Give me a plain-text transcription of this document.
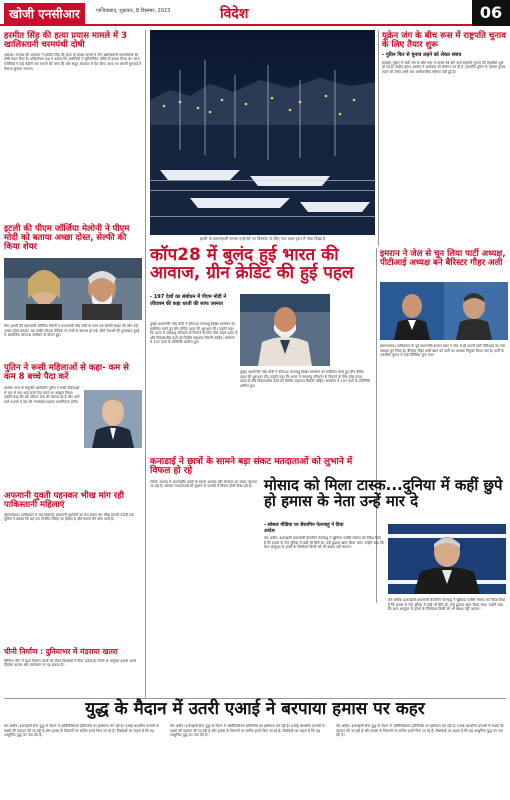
खोजी एनसीआर	गाजियाबाद, शुक्रवार, 8 दिसम्बर, 2023	विदेश	06
हरमीत सिंह की हत्या प्रयास मामले में 3 खालिस्तानी चरमपंथी दोषी
ओटावा। कनाडा की अदालत ने हरमीत सिंह की हत्या के प्रयास मामले में तीन खालिस्तानी चरमपंथियों को दोषी करार दिया है। अभियोजन पक्ष ने बताया कि आरोपियों ने सुनियोजित तरीके से हमला किया था। जांच एजेंसियों ने कई महीनों तक मामले की जांच की और सबूत अदालत में पेश किए। सजा पर अगली सुनवाई में फैसला सुनाया जाएगा।
इटली की पीएम जॉर्जिया मेलोनी ने पीएम मोदी को बताया अच्छा दोस्त, सेल्फी की किया शेयर
रोम। इटली की प्रधानमंत्री जॉर्जिया मेलोनी ने प्रधानमंत्री नरेंद्र मोदी के साथ एक सेल्फी साझा की और उन्हें अच्छा दोस्त बताया। यह तस्वीर सोशल मीडिया पर तेजी से वायरल हो गई। दोनों नेताओं की मुलाकात दुबई में आयोजित कॉप28 सम्मेलन के दौरान हुई।
पुतिन ने रूसी महिलाओं से कहा- कम से कम 8 बच्चे पैदा करें
मास्को। रूस के राष्ट्रपति व्लादिमीर पुतिन ने रूसी महिलाओं से कम से कम आठ बच्चे पैदा करने का आह्वान किया। उन्होंने कहा कि बड़े परिवार रूस की परंपरा रहे हैं और आने वाले दशकों में देश की जनसंख्या बढ़ाना प्राथमिकता होगी।
अफगानी युवती पहनकर भीख मांग रही पाकिस्तानी महिलाएं
इस्लामाबाद। पाकिस्तान में कई महिलाएं अफगानी युवतियों का वेश धारण कर भीख मांगती पकड़ी गईं। पुलिस ने बताया कि यह एक संगठित गिरोह का हिस्सा है और मामले की जांच जारी है।
चीनी निर्माण : दुनियाभर में मंडराया खतरा
बीजिंग। चीन में बढ़ते निर्माण कार्यों को लेकर विशेषज्ञों ने चिंता जताई है। रिपोर्ट के अनुसार इसका असर वैश्विक बाजार और पर्यावरण पर पड़ सकता है।
इटली के ब्लासाइज़ी नामक एयरपोर्ट पर विस्फोट के लिए गया शहर दृश्य में गोवा दिखा है
यूक्रेन जंग के बीच रूस में राष्ट्रपति चुनाव के लिए तैयार शुरू
- पुतिन फिर से चुनाव लड़ने को लेकर संशय
मास्को। यूक्रेन में जारी जंग के बीच रूस में अगले वर्ष होने वाले राष्ट्रपति चुनाव की तैयारियां शुरू हो गई हैं। केंद्रीय चुनाव आयोग ने कार्यक्रम की घोषणा कर दी है। हालांकि पुतिन के दोबारा चुनाव लड़ने को लेकर अभी तक आधिकारिक घोषणा नहीं हुई है।
कॉप28 में बुलंद हुई भारत की आवाज, ग्रीन क्रेडिट की हुई पहल
- 197 देशों का संबोधन में पीएम मोदी ने जीवाश्म की कहा धरती की साफ जरूरत
दुबई। प्रधानमंत्री नरेंद्र मोदी ने कॉप28 जलवायु शिखर सम्मेलन को संबोधित करते हुए ग्रीन क्रेडिट पहल की शुरुआत की। उन्होंने कहा कि भारत ने जलवायु परिवर्तन से निपटने के लिए ठोस कदम उठाए हैं और विकासशील देशों को वित्तीय सहायता मिलनी चाहिए। सम्मेलन में 197 देशों के प्रतिनिधि शामिल हुए।
दुबई। प्रधानमंत्री नरेंद्र मोदी ने कॉप28 जलवायु शिखर सम्मेलन को संबोधित करते हुए ग्रीन क्रेडिट पहल की शुरुआत की। उन्होंने कहा कि भारत ने जलवायु परिवर्तन से निपटने के लिए ठोस कदम उठाए हैं और विकासशील देशों को वित्तीय सहायता मिलनी चाहिए। सम्मेलन में 197 देशों के प्रतिनिधि शामिल हुए।
इमरान ने जेल से चुन लिया पार्टी अध्यक्ष, पीटीआई अध्यक्ष बने बैरिस्टर गौहर अली
इस्लामाबाद। पाकिस्तान के पूर्व प्रधानमंत्री इमरान खान ने जेल से ही अपनी पार्टी पीटीआई का नया अध्यक्ष चुन लिया है। बैरिस्टर गौहर अली खान को पार्टी का अध्यक्ष नियुक्त किया गया है। पार्टी के आंतरिक चुनाव में उन्हें निर्विरोध चुना गया।
कनाडाई ने छात्रों के सामने बड़ा संकट मतदाताओं को लुभाने में विफल हो रहे
टोरंटो। कनाडा में अंतरराष्ट्रीय छात्रों के सामने आवास और रोजगार का संकट गहराता जा रहा है। सरकार मतदाताओं को लुभाने के प्रयासों में विफल होती दिख रही है। मोसाद को मिला टास्क...दुनिया में कहीं छुपे हो हमास के नेता उन्हें मार दे
- सोशल मीडिया पर बेंजामिन नेतन्याहू ने दिया आदेश
तेल अवीव। इजराइली प्रधानमंत्री बेंजामिन नेतन्याहू ने खुफिया एजेंसी मोसाद को निर्देश दिया है कि हमास के नेता दुनिया में कहीं भी छिपे हों, उन्हें ढूंढकर खत्म किया जाए। उन्होंने कहा कि सात अक्टूबर के हमले के जिम्मेदार किसी को भी बख्शा नहीं जाएगा।
तेल अवीव। इजराइली प्रधानमंत्री बेंजामिन नेतन्याहू ने खुफिया एजेंसी मोसाद को निर्देश दिया है कि हमास के नेता दुनिया में कहीं भी छिपे हों, उन्हें ढूंढकर खत्म किया जाए। उन्होंने कहा कि सात अक्टूबर के हमले के जिम्मेदार किसी को भी बख्शा नहीं जाएगा।
युद्ध के मैदान में उतरी एआई ने बरपाया हमास पर कहर
तेल अवीव। इजराइली सेना युद्ध के मैदान में आर्टिफिशियल इंटेलिजेंस का इस्तेमाल कर रही है। एआई आधारित प्रणाली से लक्ष्यों की पहचान की जा रही है और हमास के ठिकानों पर सटीक हमले किए जा रहे हैं। विशेषज्ञों का कहना है कि यह आधुनिक युद्ध का नया दौर है।
तेल अवीव। इजराइली सेना युद्ध के मैदान में आर्टिफिशियल इंटेलिजेंस का इस्तेमाल कर रही है। एआई आधारित प्रणाली से लक्ष्यों की पहचान की जा रही है और हमास के ठिकानों पर सटीक हमले किए जा रहे हैं। विशेषज्ञों का कहना है कि यह आधुनिक युद्ध का नया दौर है।
तेल अवीव। इजराइली सेना युद्ध के मैदान में आर्टिफिशियल इंटेलिजेंस का इस्तेमाल कर रही है। एआई आधारित प्रणाली से लक्ष्यों की पहचान की जा रही है और हमास के ठिकानों पर सटीक हमले किए जा रहे हैं। विशेषज्ञों का कहना है कि यह आधुनिक युद्ध का नया दौर है।
